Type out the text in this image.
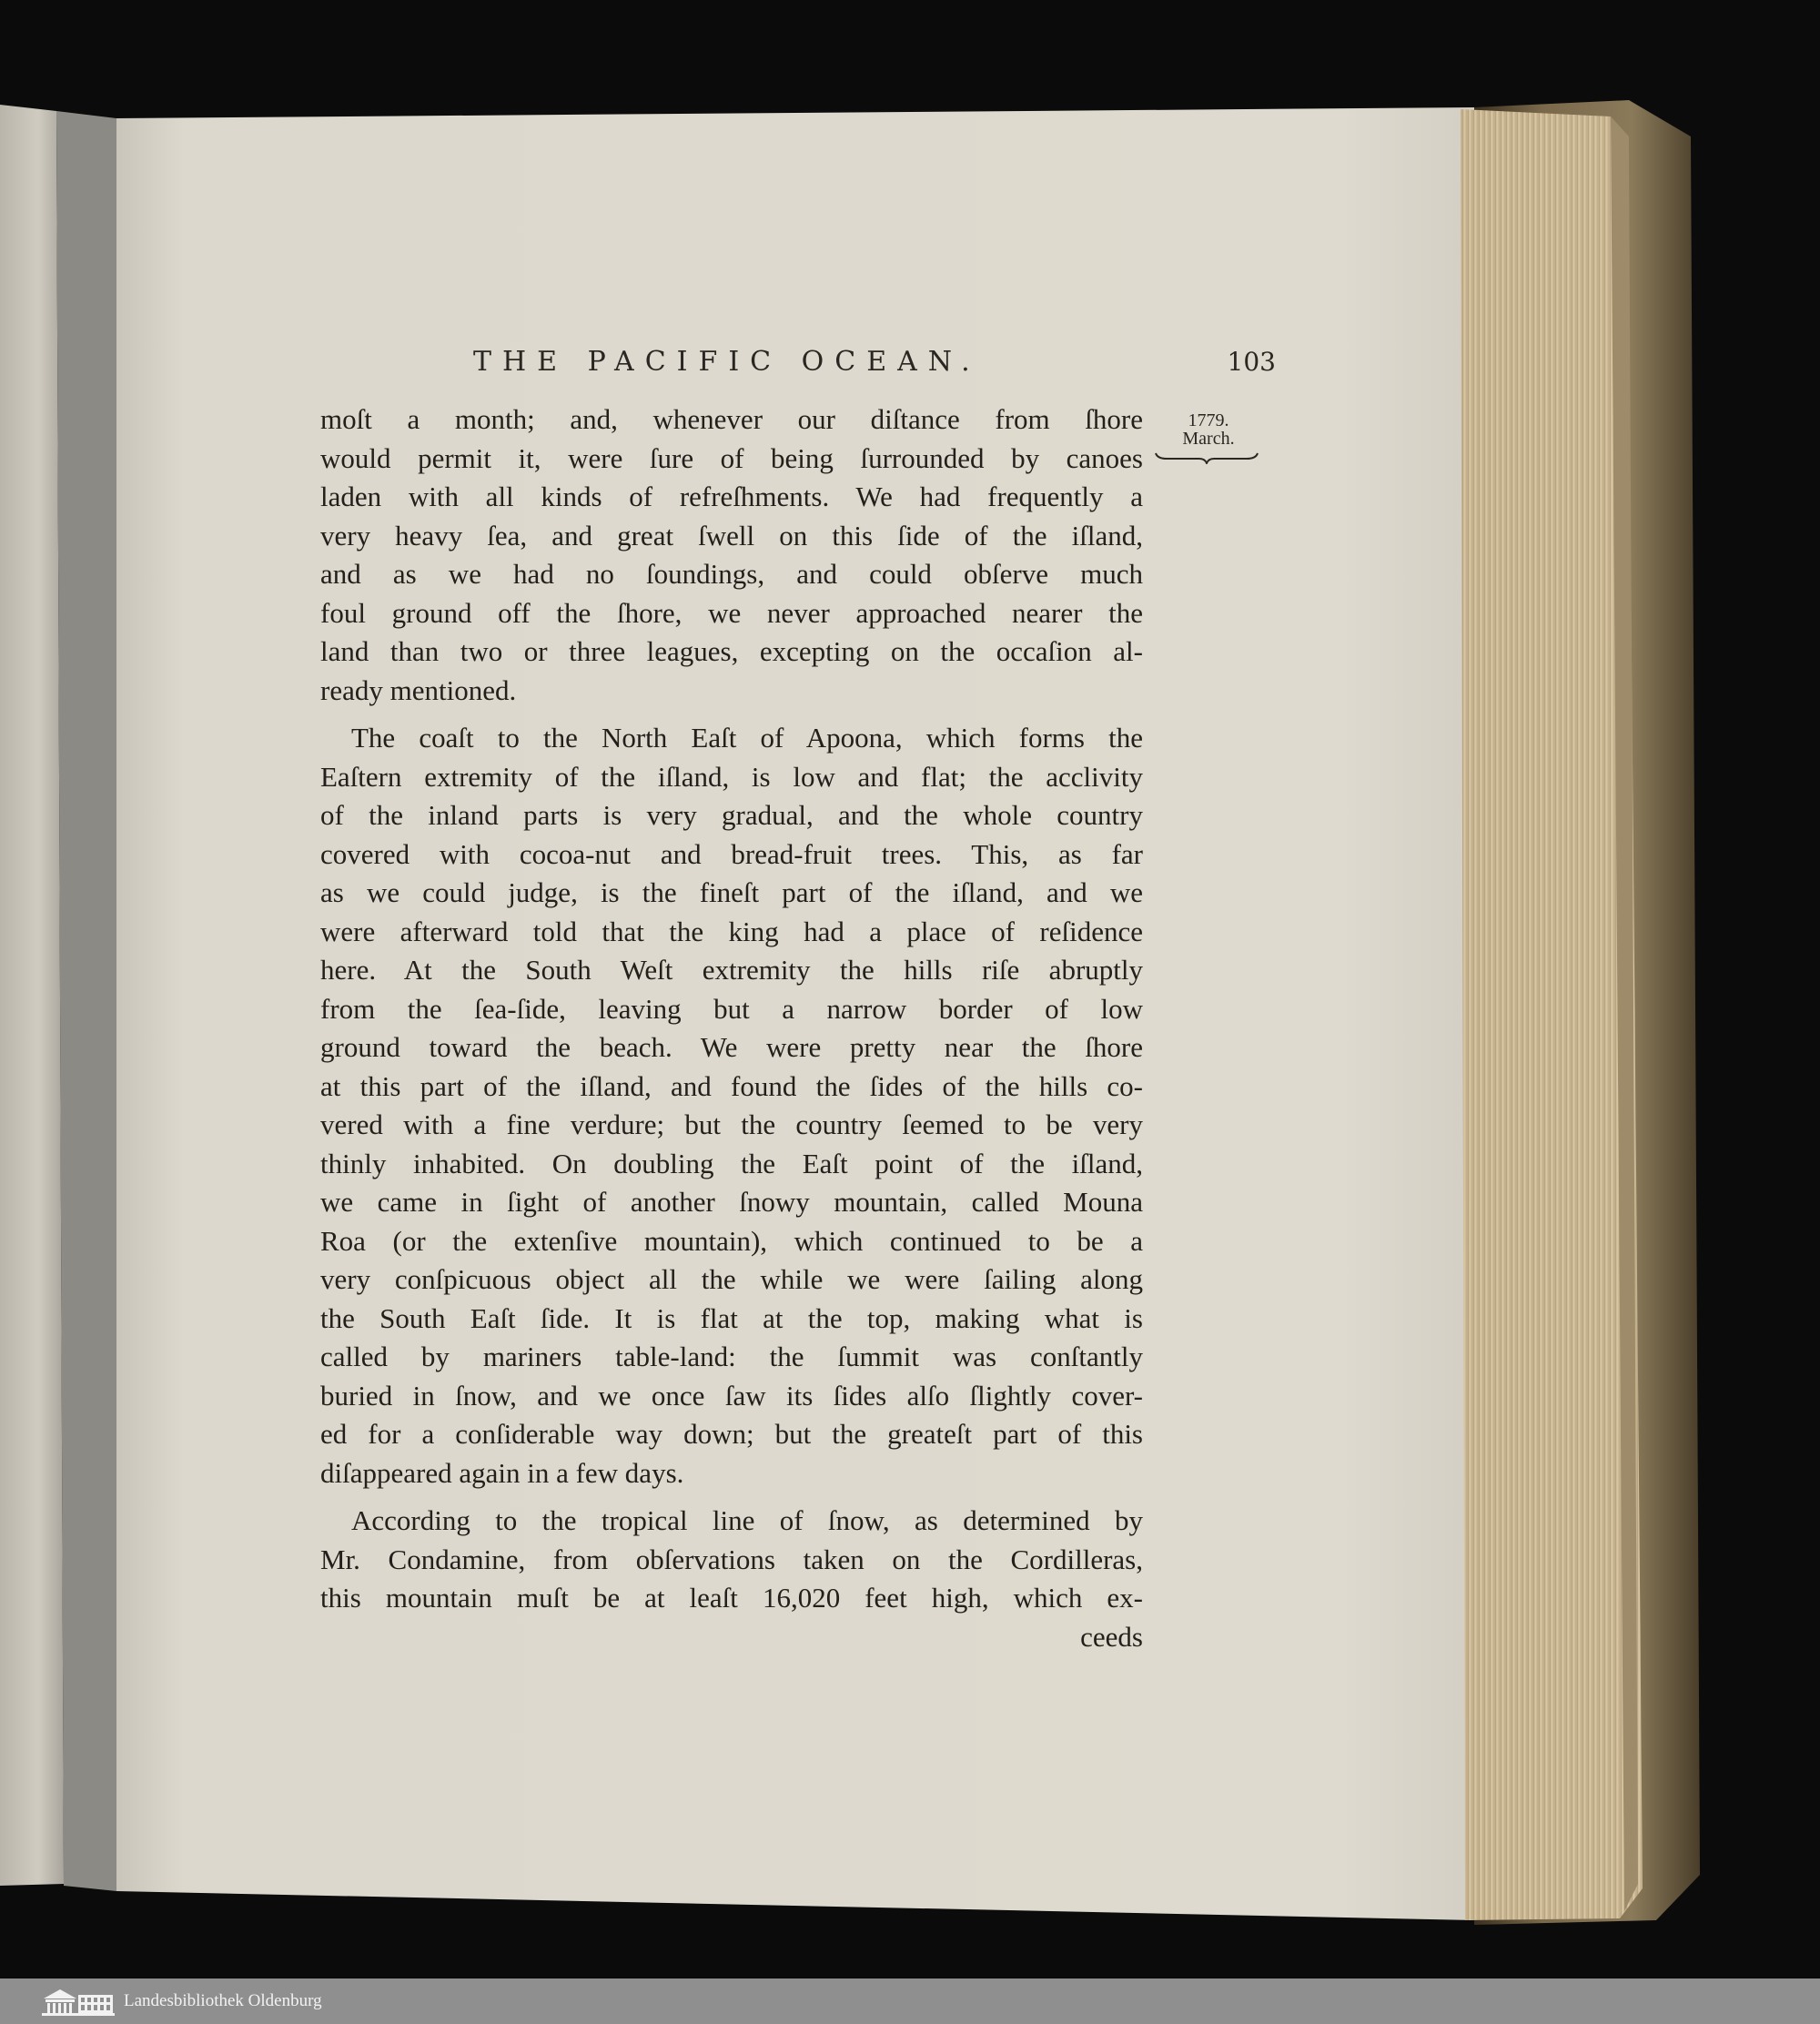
THE PACIFIC OCEAN.	103
1779.
March.
moſt a month; and, whenever our diſtance from ſhore
would permit it, were ſure of being ſurrounded by canoes
laden with all kinds of refreſhments. We had frequently a
very heavy ſea, and great ſwell on this ſide of the iſland,
and as we had no ſoundings, and could obſerve much
foul ground off the ſhore, we never approached nearer the
land than two or three leagues, excepting on the occaſion al-
ready mentioned.
The coaſt to the North Eaſt of Apoona, which forms the
Eaſtern extremity of the iſland, is low and flat; the acclivity
of the inland parts is very gradual, and the whole country
covered with cocoa-nut and bread-fruit trees. This, as far
as we could judge, is the fineſt part of the iſland, and we
were afterward told that the king had a place of reſidence
here. At the South Weſt extremity the hills riſe abruptly
from the ſea-ſide, leaving but a narrow border of low
ground toward the beach. We were pretty near the ſhore
at this part of the iſland, and found the ſides of the hills co-
vered with a fine verdure; but the country ſeemed to be very
thinly inhabited. On doubling the Eaſt point of the iſland,
we came in ſight of another ſnowy mountain, called Mouna
Roa (or the extenſive mountain), which continued to be a
very conſpicuous object all the while we were ſailing along
the South Eaſt ſide. It is flat at the top, making what is
called by mariners table-land: the ſummit was conſtantly
buried in ſnow, and we once ſaw its ſides alſo ſlightly cover-
ed for a conſiderable way down; but the greateſt part of this
diſappeared again in a few days.
According to the tropical line of ſnow, as determined by
Mr. Condamine, from obſervations taken on the Cordilleras,
this mountain muſt be at leaſt 16,020 feet high, which ex-
ceeds
Landesbibliothek Oldenburg
